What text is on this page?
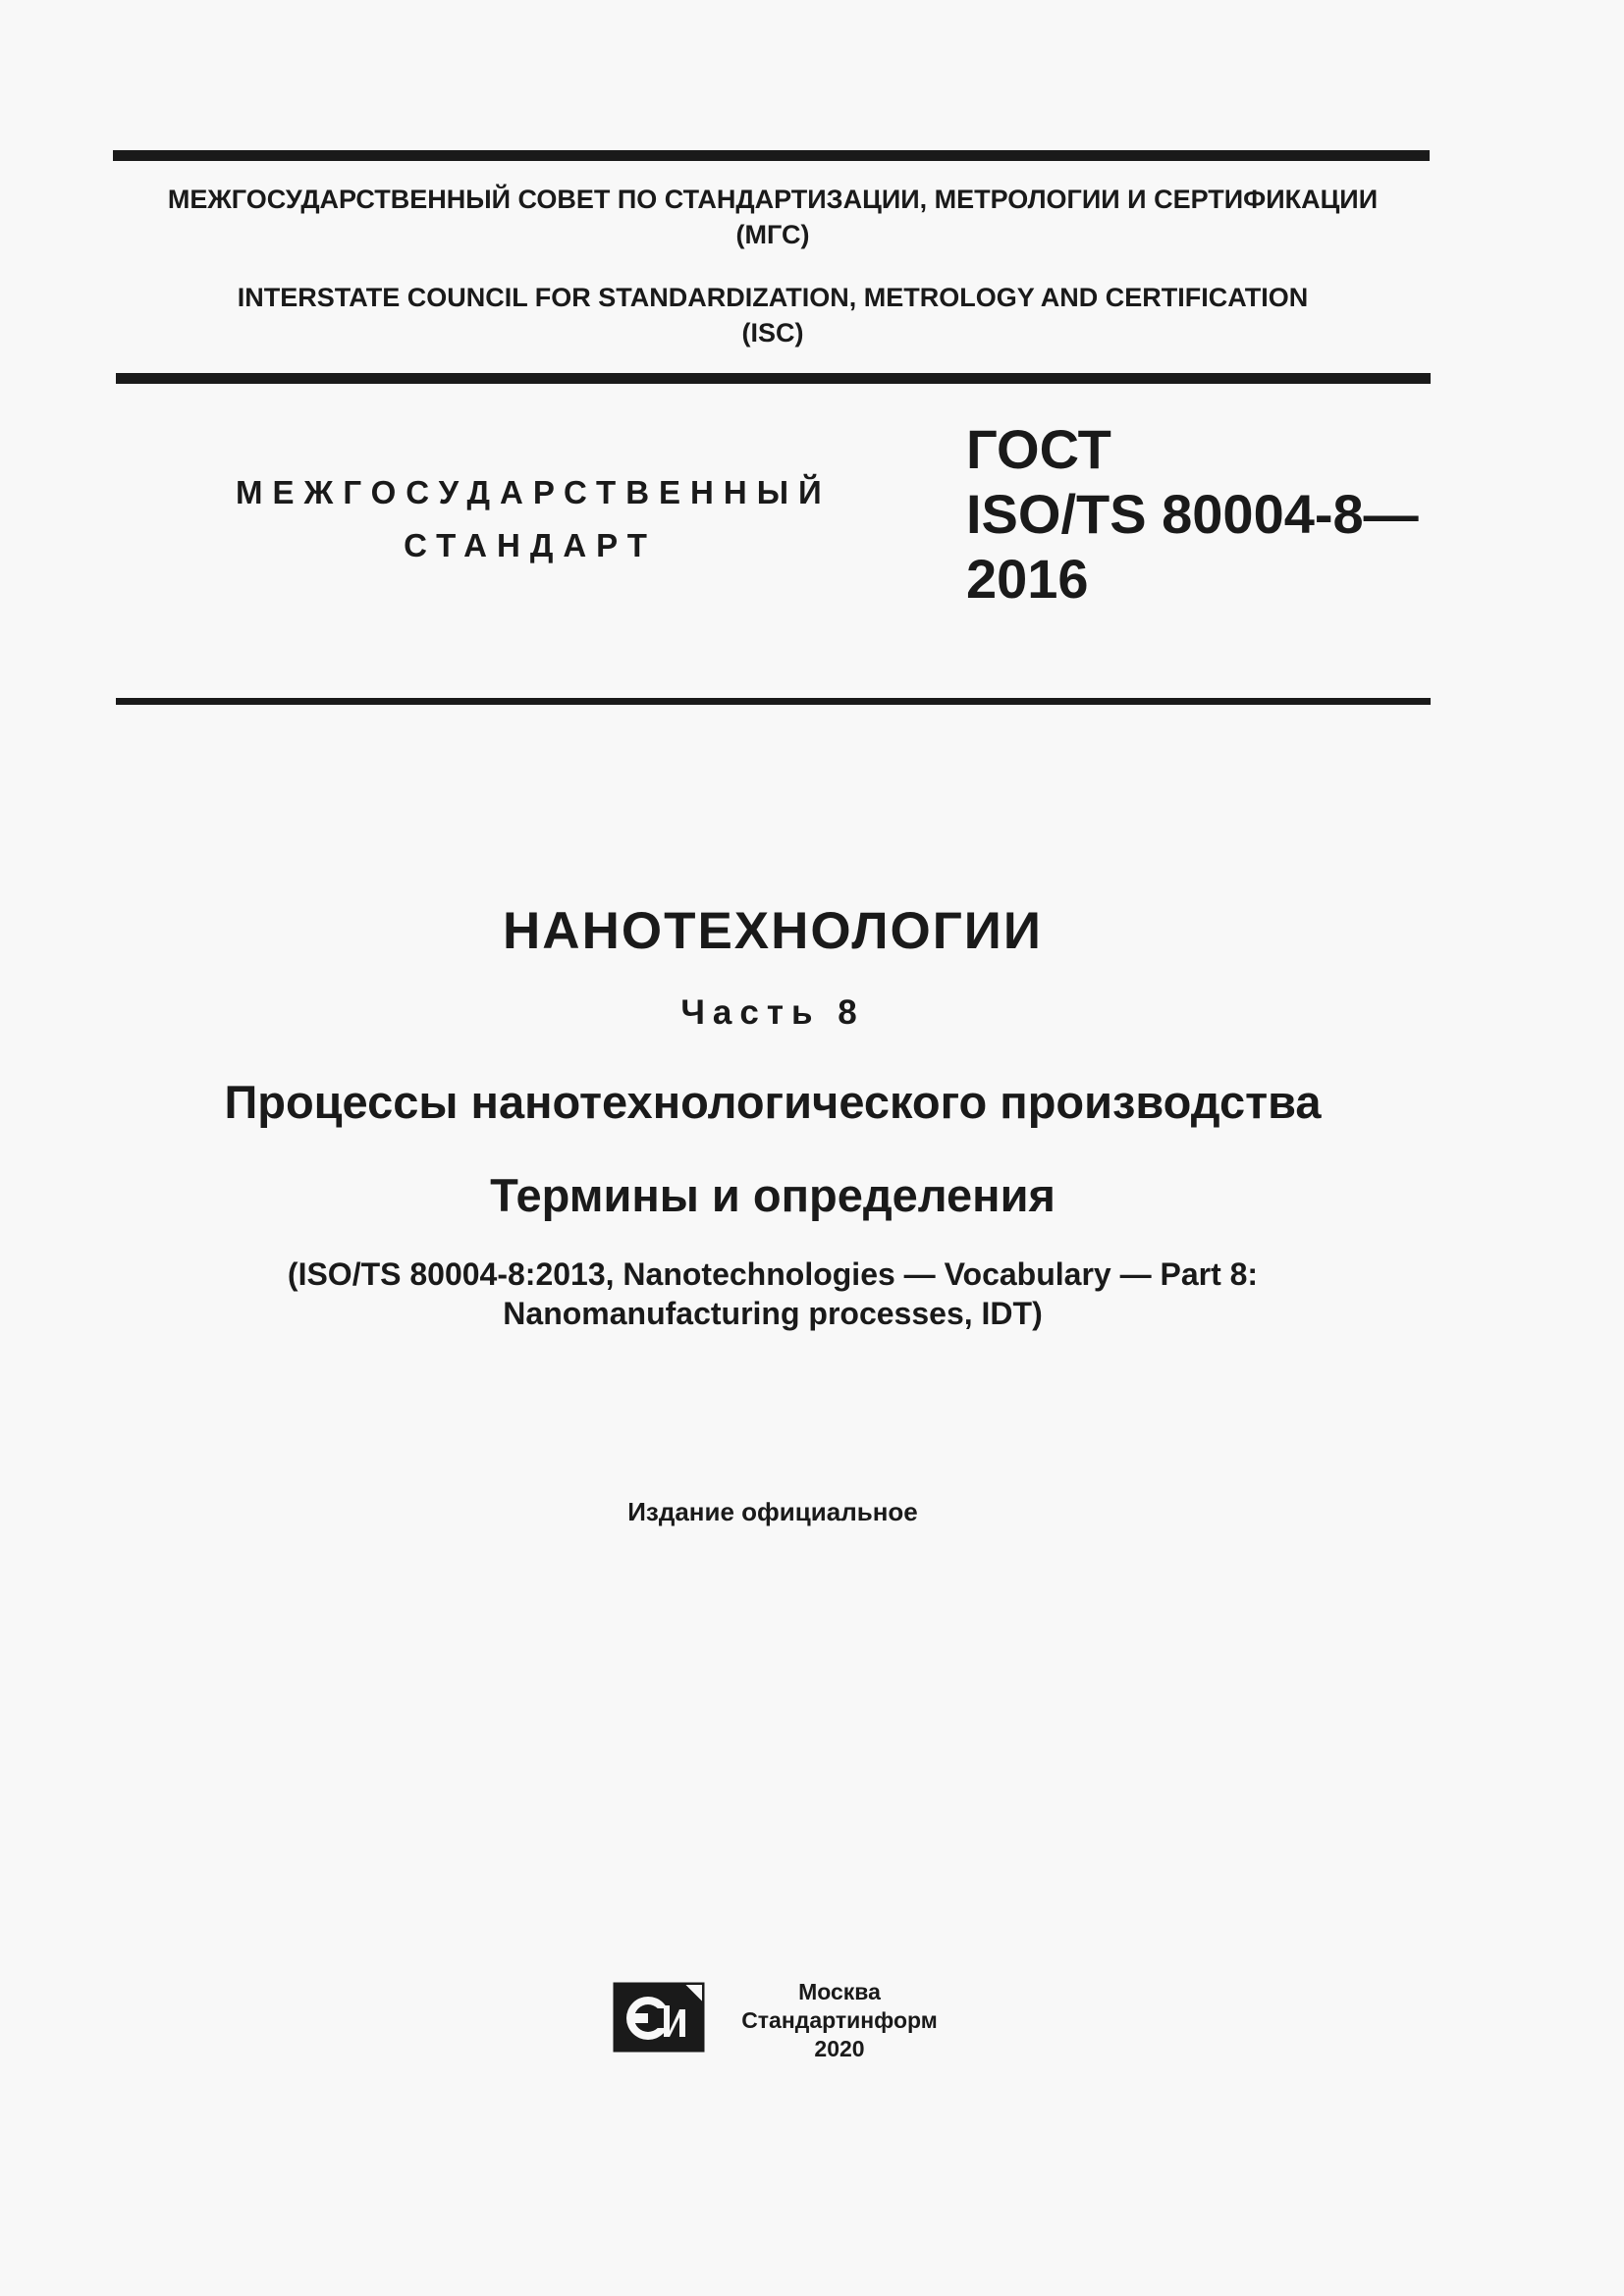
МЕЖГОСУДАРСТВЕННЫЙ СОВЕТ ПО СТАНДАРТИЗАЦИИ, МЕТРОЛОГИИ И СЕРТИФИКАЦИИ
(МГС)
INTERSTATE COUNCIL FOR STANDARDIZATION, METROLOGY AND CERTIFICATION
(ISC)
МЕЖГОСУДАРСТВЕННЫЙ
СТАНДАРТ
ГОСТ
ISO/TS 80004-8—
2016
НАНОТЕХНОЛОГИИ
Часть 8
Процессы нанотехнологического производства
Термины и определения
(ISO/TS 80004-8:2013, Nanotechnologies — Vocabulary — Part 8:
Nanomanufacturing processes, IDT)
Издание официальное
Москва
Стандартинформ
2020
